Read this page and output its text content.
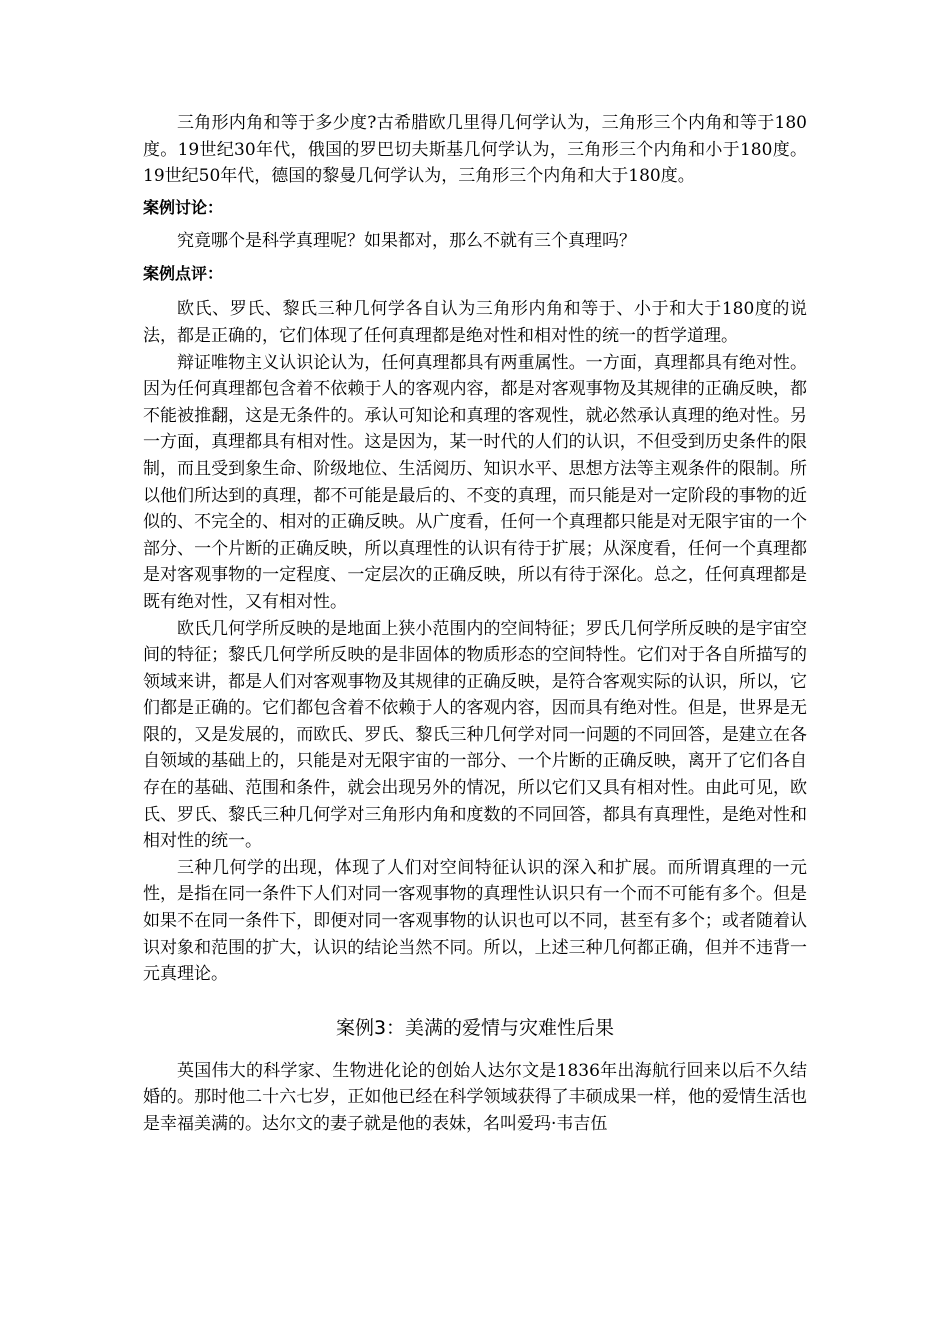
三角形内角和等于多少度?古希腊欧几里得几何学认为，三角形三个内角和等于180度。19世纪30年代，俄国的罗巴切夫斯基几何学认为，三角形三个内角和小于180度。19世纪50年代，德国的黎曼几何学认为，三角形三个内角和大于180度。

案例讨论：

究竟哪个是科学真理呢？如果都对，那么不就有三个真理吗？

案例点评：

欧氏、罗氏、黎氏三种几何学各自认为三角形内角和等于、小于和大于180度的说法，都是正确的，它们体现了任何真理都是绝对性和相对性的统一的哲学道理。

辩证唯物主义认识论认为，任何真理都具有两重属性。一方面，真理都具有绝对性。因为任何真理都包含着不依赖于人的客观内容，都是对客观事物及其规律的正确反映，都不能被推翻，这是无条件的。承认可知论和真理的客观性，就必然承认真理的绝对性。另一方面，真理都具有相对性。这是因为，某一时代的人们的认识，不但受到历史条件的限制，而且受到象生命、阶级地位、生活阅历、知识水平、思想方法等主观条件的限制。所以他们所达到的真理，都不可能是最后的、不变的真理，而只能是对一定阶段的事物的近似的、不完全的、相对的正确反映。从广度看，任何一个真理都只能是对无限宇宙的一个部分、一个片断的正确反映，所以真理性的认识有待于扩展；从深度看，任何一个真理都是对客观事物的一定程度、一定层次的正确反映，所以有待于深化。总之，任何真理都是既有绝对性，又有相对性。

欧氏几何学所反映的是地面上狭小范围内的空间特征；罗氏几何学所反映的是宇宙空间的特征；黎氏几何学所反映的是非固体的物质形态的空间特性。它们对于各自所描写的领域来讲，都是人们对客观事物及其规律的正确反映，是符合客观实际的认识，所以，它们都是正确的。它们都包含着不依赖于人的客观内容，因而具有绝对性。但是，世界是无限的，又是发展的，而欧氏、罗氏、黎氏三种几何学对同一问题的不同回答，是建立在各自领域的基础上的，只能是对无限宇宙的一部分、一个片断的正确反映，离开了它们各自存在的基础、范围和条件，就会出现另外的情况，所以它们又具有相对性。由此可见，欧氏、罗氏、黎氏三种几何学对三角形内角和度数的不同回答，都具有真理性，是绝对性和相对性的统一。

三种几何学的出现，体现了人们对空间特征认识的深入和扩展。而所谓真理的一元性，是指在同一条件下人们对同一客观事物的真理性认识只有一个而不可能有多个。但是如果不在同一条件下，即便对同一客观事物的认识也可以不同，甚至有多个；或者随着认识对象和范围的扩大，认识的结论当然不同。所以，上述三种几何都正确，但并不违背一元真理论。

案例3：美满的爱情与灾难性后果

英国伟大的科学家、生物进化论的创始人达尔文是1836年出海航行回来以后不久结婚的。那时他二十六七岁，正如他已经在科学领域获得了丰硕成果一样，他的爱情生活也是幸福美满的。达尔文的妻子就是他的表妹，名叫爱玛·韦吉伍
